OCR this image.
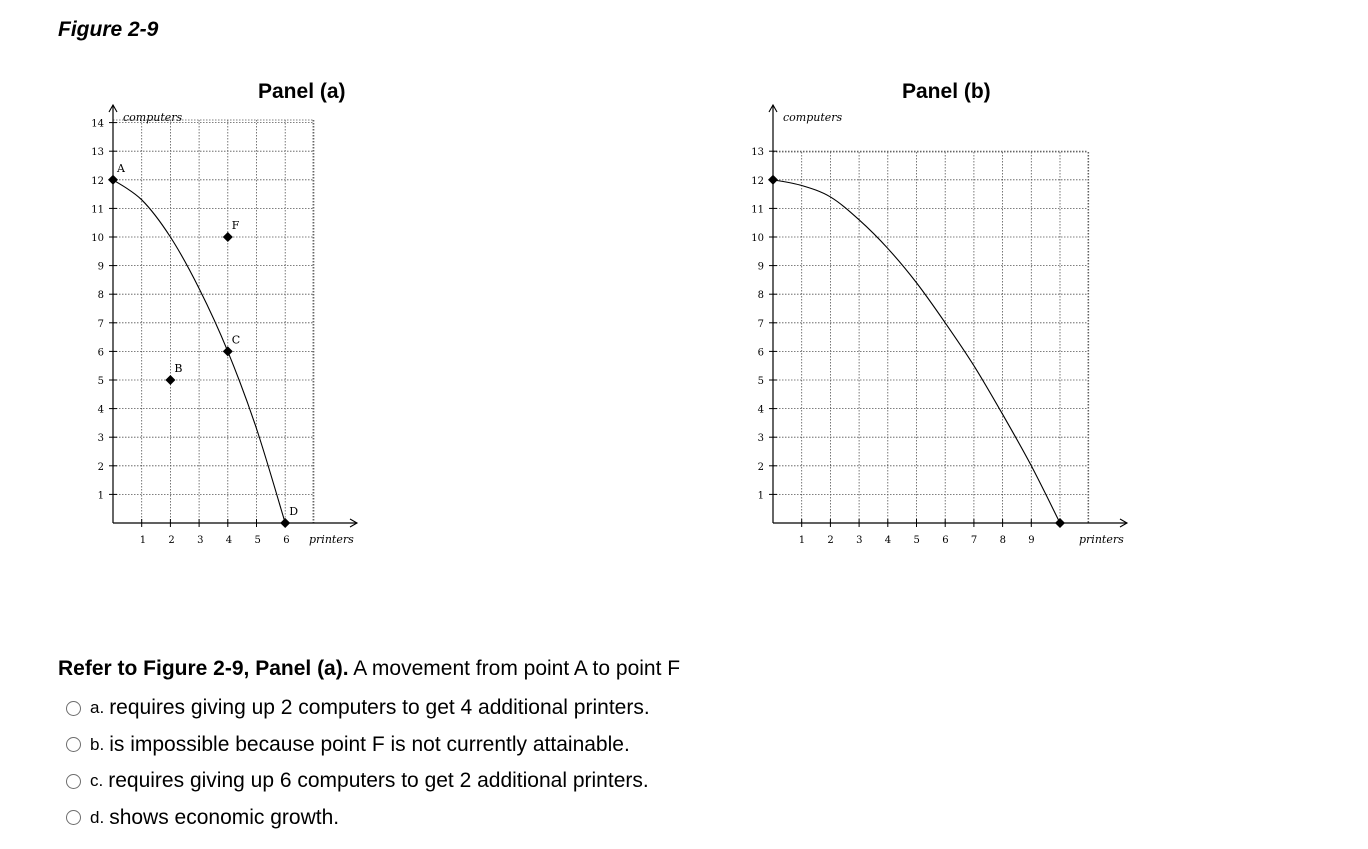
Figure 2-9
Panel (a)	Panel (b)
1 2 3 4 5 6
1
2
3
4
5
6
7
8
9
10
11
12
13
14
computers
printers
A
B
C
D
F
1 2 3 4 5 6 7 8 9
1
2
3
4
5
6
7
8
9
10
11
12
13
computers
printers
Refer to Figure 2-9, Panel (a). A movement from point A to point F
a. requires giving up 2 computers to get 4 additional printers.
b. is impossible because point F is not currently attainable.
c. requires giving up 6 computers to get 2 additional printers.
d. shows economic growth.
